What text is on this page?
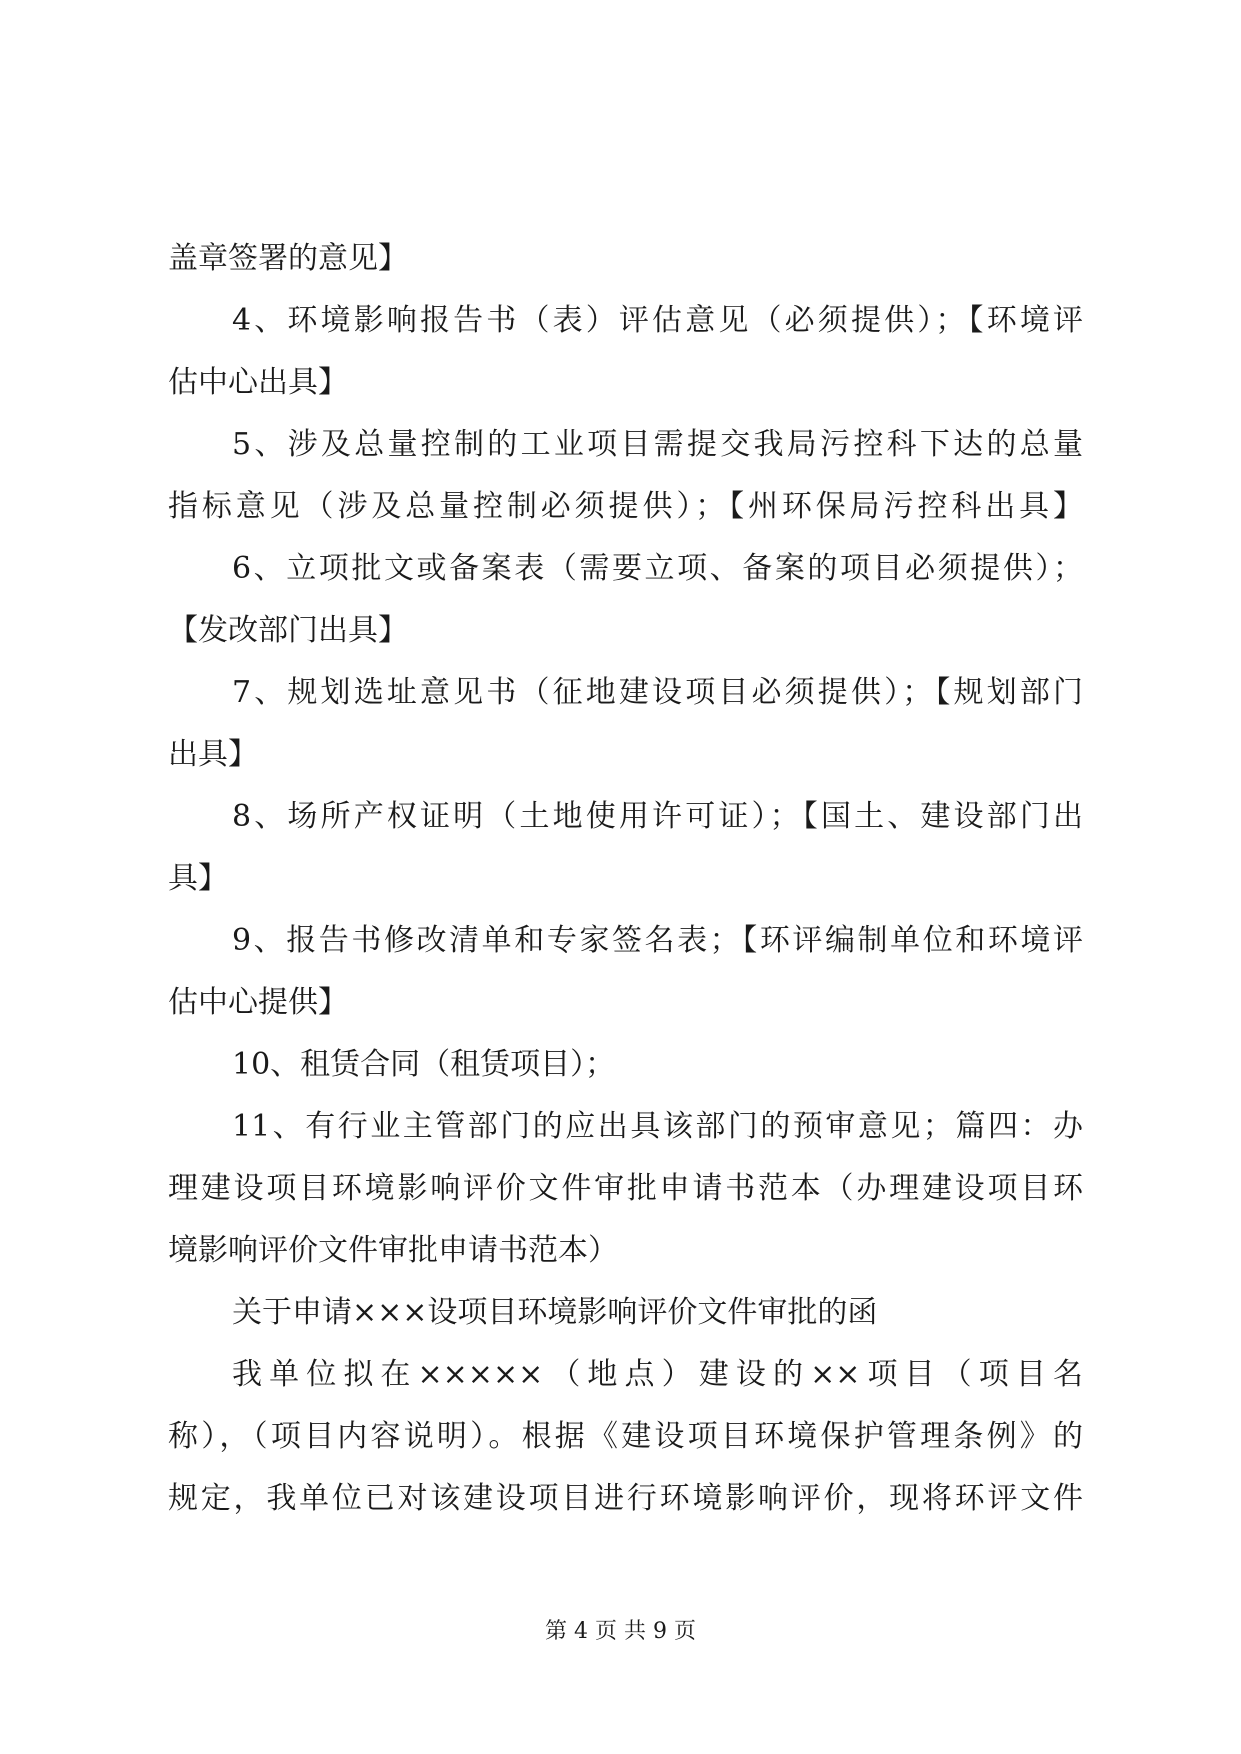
盖章签署的意见】
4、环境影响报告书（表）评估意见（必须提供）；【环境评
估中心出具】
5、涉及总量控制的工业项目需提交我局污控科下达的总量
指标意见（涉及总量控制必须提供）；【州环保局污控科出具】
6、立项批文或备案表（需要立项、备案的项目必须提供）；
【发改部门出具】
7、规划选址意见书（征地建设项目必须提供）；【规划部门
出具】
8、场所产权证明（土地使用许可证）；【国土、建设部门出
具】
9、报告书修改清单和专家签名表；【环评编制单位和环境评
估中心提供】
10、租赁合同（租赁项目）；
11、有行业主管部门的应出具该部门的预审意见；篇四：办
理建设项目环境影响评价文件审批申请书范本（办理建设项目环
境影响评价文件审批申请书范本）
关于申请×××设项目环境影响评价文件审批的函
我单位拟在×××××（地点）建设的××项目（项目名
称），（项目内容说明）。根据《建设项目环境保护管理条例》的
规定，我单位已对该建设项目进行环境影响评价，现将环评文件
第 4 页 共 9 页
